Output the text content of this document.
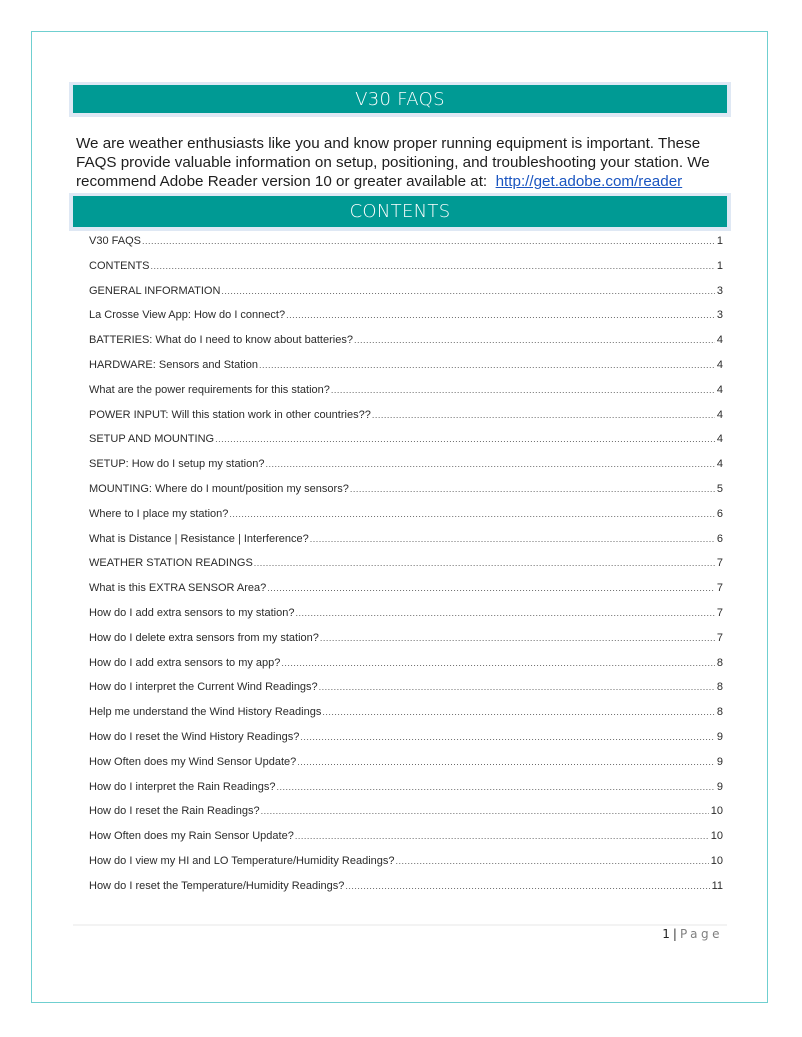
V30 FAQS
We are weather enthusiasts like you and know proper running equipment is important. These FAQS provide valuable information on setup, positioning, and troubleshooting your station. We recommend Adobe Reader version 10 or greater available at: http://get.adobe.com/reader
CONTENTS
V30 FAQS .....	1
CONTENTS .....	1
GENERAL INFORMATION .....	3
La Crosse View App: How do I connect? .....	3
BATTERIES: What do I need to know about batteries? .....	4
HARDWARE: Sensors and Station .....	4
What are the power requirements for this station? .....	4
POWER INPUT: Will this station work in other countries?? .....	4
SETUP AND MOUNTING .....	4
SETUP: How do I setup my station? .....	4
MOUNTING: Where do I mount/position my sensors? .....	5
Where to I place my station? .....	6
What is Distance | Resistance | Interference? .....	6
WEATHER STATION READINGS .....	7
What is this EXTRA SENSOR Area? .....	7
How do I add extra sensors to my station? .....	7
How do I delete extra sensors from my station? .....	7
How do I add extra sensors to my app? .....	8
How do I interpret the Current Wind Readings? .....	8
Help me understand the Wind History Readings .....	8
How do I reset the Wind History Readings? .....	9
How Often does my Wind Sensor Update? .....	9
How do I interpret the Rain Readings? .....	9
How do I reset the Rain Readings? .....	10
How Often does my Rain Sensor Update? .....	10
How do I view my HI and LO Temperature/Humidity Readings? .....	10
How do I reset the Temperature/Humidity Readings? .....	11
1 | Page
